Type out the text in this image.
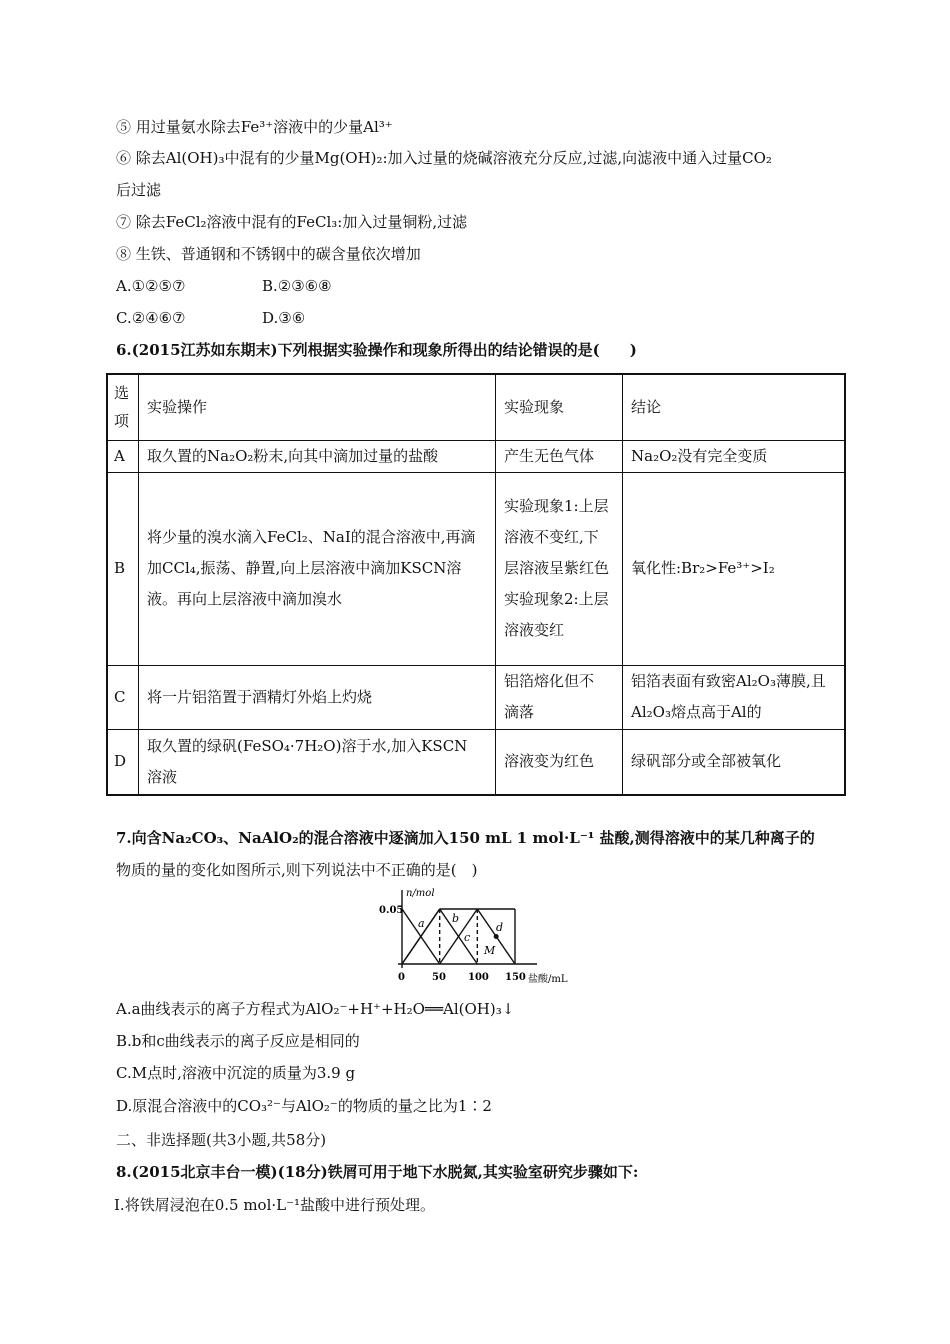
⑤ 用过量氨水除去Fe³⁺溶液中的少量Al³⁺
⑥ 除去Al(OH)₃中混有的少量Mg(OH)₂:加入过量的烧碱溶液充分反应,过滤,向滤液中通入过量CO₂
后过滤
⑦ 除去FeCl₂溶液中混有的FeCl₃:加入过量铜粉,过滤
⑧ 生铁、普通钢和不锈钢中的碳含量依次增加
A.①②⑤⑦	B.②③⑥⑧
C.②④⑥⑦	D.③⑥
6.(2015江苏如东期末)下列根据实验操作和现象所得出的结论错误的是(　　)
选项	实验操作	实验现象	结论
A	取久置的Na₂O₂粉末,向其中滴加过量的盐酸	产生无色气体	Na₂O₂没有完全变质
B	将少量的溴水滴入FeCl₂、NaI的混合溶液中,再滴加CCl₄,振荡、静置,向上层溶液中滴加KSCN溶液。再向上层溶液中滴加溴水	实验现象1:上层溶液不变红,下层溶液呈紫红色 实验现象2:上层溶液变红	氧化性:Br₂>Fe³⁺>I₂
C	将一片铝箔置于酒精灯外焰上灼烧	铝箔熔化但不滴落	铝箔表面有致密Al₂O₃薄膜,且Al₂O₃熔点高于Al的

D	取久置的绿矾(FeSO₄·7H₂O)溶于水,加入KSCN溶液	溶液变为红色	绿矾部分或全部被氧化
7.向含Na₂CO₃、NaAlO₂的混合溶液中逐滴加入150 mL 1 mol·L⁻¹ 盐酸,测得溶液中的某几种离子的
物质的量的变化如图所示,则下列说法中不正确的是(　)
n/mol
盐酸/mL
0.05
0	50 100 150
a b
c
d
M
A.a曲线表示的离子方程式为AlO₂⁻+H⁺+H₂O══Al(OH)₃↓
B.b和c曲线表示的离子反应是相同的
C.M点时,溶液中沉淀的质量为3.9 g
D.原混合溶液中的CO₃²⁻与AlO₂⁻的物质的量之比为1∶2
二、非选择题(共3小题,共58分)
8.(2015北京丰台一模)(18分)铁屑可用于地下水脱氮,其实验室研究步骤如下:
Ⅰ.将铁屑浸泡在0.5 mol·L⁻¹盐酸中进行预处理。
